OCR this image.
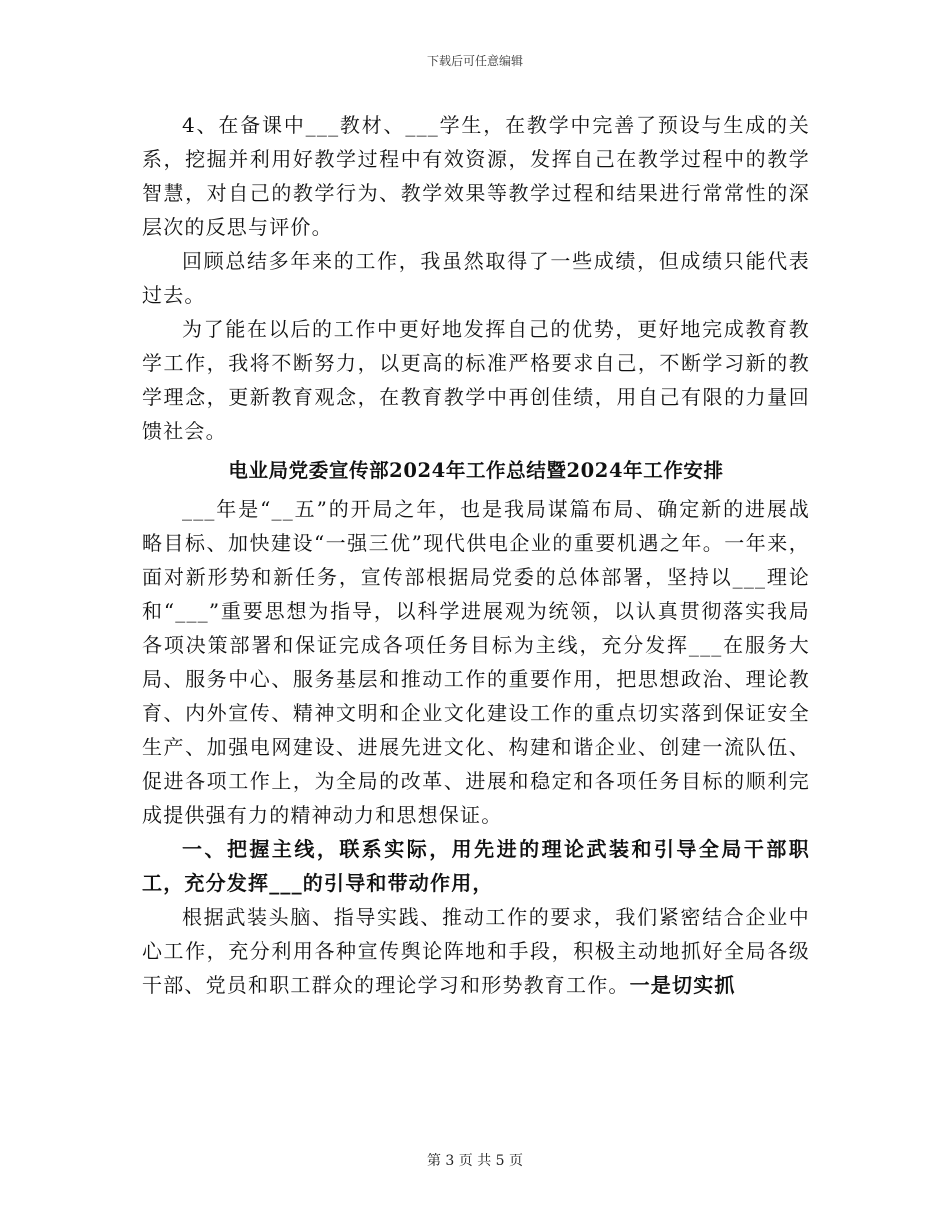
下载后可任意编辑

4、在备课中___教材、___学生，在教学中完善了预设与生成的关系，挖掘并利用好教学过程中有效资源，发挥自己在教学过程中的教学智慧，对自己的教学行为、教学效果等教学过程和结果进行常常性的深层次的反思与评价。

回顾总结多年来的工作，我虽然取得了一些成绩，但成绩只能代表过去。

为了能在以后的工作中更好地发挥自己的优势，更好地完成教育教学工作，我将不断努力，以更高的标准严格要求自己，不断学习新的教学理念，更新教育观念，在教育教学中再创佳绩，用自己有限的力量回馈社会。

电业局党委宣传部2024年工作总结暨2024年工作安排

___年是“__五”的开局之年，也是我局谋篇布局、确定新的进展战略目标、加快建设“一强三优”现代供电企业的重要机遇之年。一年来，面对新形势和新任务，宣传部根据局党委的总体部署，坚持以___理论和“___”重要思想为指导，以科学进展观为统领，以认真贯彻落实我局各项决策部署和保证完成各项任务目标为主线，充分发挥___在服务大局、服务中心、服务基层和推动工作的重要作用，把思想政治、理论教育、内外宣传、精神文明和企业文化建设工作的重点切实落到保证安全生产、加强电网建设、进展先进文化、构建和谐企业、创建一流队伍、促进各项工作上，为全局的改革、进展和稳定和各项任务目标的顺利完成提供强有力的精神动力和思想保证。

一、把握主线，联系实际，用先进的理论武装和引导全局干部职工，充分发挥___的引导和带动作用，

根据武装头脑、指导实践、推动工作的要求，我们紧密结合企业中心工作，充分利用各种宣传舆论阵地和手段，积极主动地抓好全局各级干部、党员和职工群众的理论学习和形势教育工作。一是切实抓

第 3 页 共 5 页
